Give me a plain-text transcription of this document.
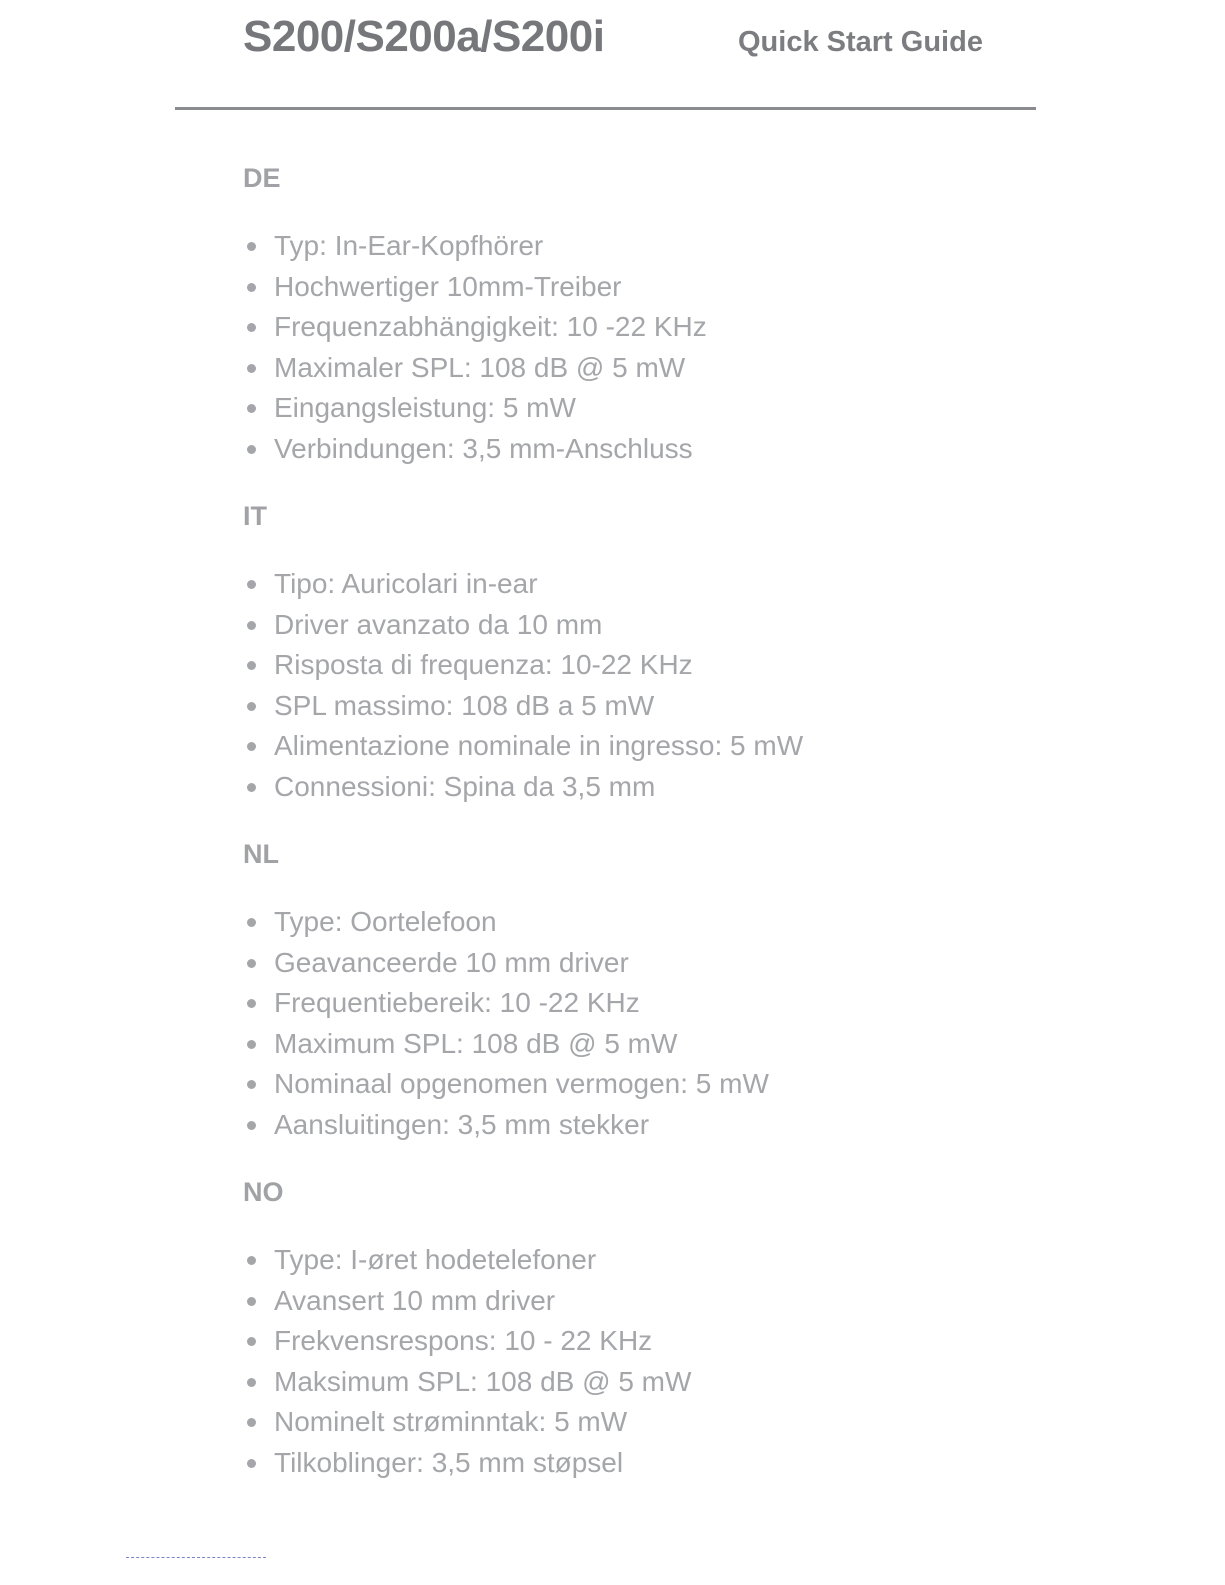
S200/S200a/S200i	Quick Start Guide
DE
Typ: In-Ear-Kopfhörer
Hochwertiger 10mm-Treiber
Frequenzabhängigkeit: 10 -22 KHz
Maximaler SPL: 108 dB @ 5 mW
Eingangsleistung: 5 mW
Verbindungen: 3,5 mm-Anschluss
IT
Tipo: Auricolari in-ear
Driver avanzato da 10 mm
Risposta di frequenza: 10-22 KHz
SPL massimo: 108 dB a 5 mW
Alimentazione nominale in ingresso: 5 mW
Connessioni: Spina da 3,5 mm
NL
Type: Oortelefoon
Geavanceerde 10 mm driver
Frequentiebereik: 10 -22 KHz
Maximum SPL: 108 dB @ 5 mW
Nominaal opgenomen vermogen: 5 mW
Aansluitingen: 3,5 mm stekker
NO
Type: I-øret hodetelefoner
Avansert 10 mm driver
Frekvensrespons: 10 - 22 KHz
Maksimum SPL: 108 dB @ 5 mW
Nominelt strøminntak: 5 mW
Tilkoblinger: 3,5 mm støpsel
